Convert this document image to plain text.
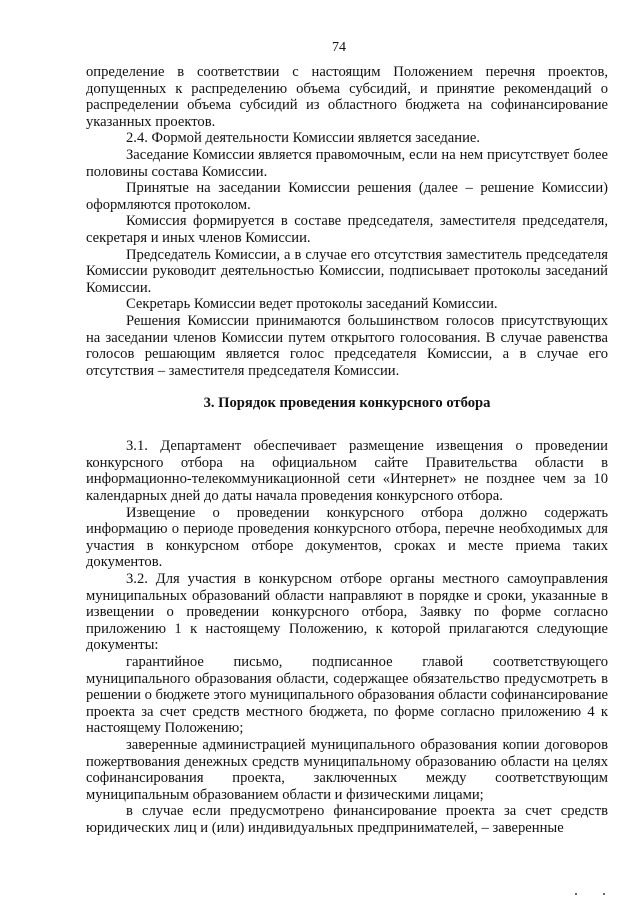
74

определение в соответствии с настоящим Положением перечня проектов, допущенных к распределению объема субсидий, и принятие рекомендаций о распределении объема субсидий из областного бюджета на софинансирование указанных проектов.

2.4. Формой деятельности Комиссии является заседание.

Заседание Комиссии является правомочным, если на нем присутствует более половины состава Комиссии.

Принятые на заседании Комиссии решения (далее – решение Комиссии) оформляются протоколом.

Комиссия формируется в составе председателя, заместителя председателя, секретаря и иных членов Комиссии.

Председатель Комиссии, а в случае его отсутствия заместитель председателя Комиссии руководит деятельностью Комиссии, подписывает протоколы заседаний Комиссии.

Секретарь Комиссии ведет протоколы заседаний Комиссии.

Решения Комиссии принимаются большинством голосов присутствующих на заседании членов Комиссии путем открытого голосования. В случае равенства голосов решающим является голос председателя Комиссии, а в случае его отсутствия – заместителя председателя Комиссии.

3. Порядок проведения конкурсного отбора

3.1. Департамент обеспечивает размещение извещения о проведении конкурсного отбора на официальном сайте Правительства области в информационно-телекоммуникационной сети «Интернет» не позднее чем за 10 календарных дней до даты начала проведения конкурсного отбора.

Извещение о проведении конкурсного отбора должно содержать информацию о периоде проведения конкурсного отбора, перечне необходимых для участия в конкурсном отборе документов, сроках и месте приема таких документов.

3.2. Для участия в конкурсном отборе органы местного самоуправления муниципальных образований области направляют в порядке и сроки, указанные в извещении о проведении конкурсного отбора, Заявку по форме согласно приложению 1 к настоящему Положению, к которой прилагаются следующие документы:

гарантийное письмо, подписанное главой соответствующего муниципального образования области, содержащее обязательство предусмотреть в решении о бюджете этого муниципального образования области софинансирование проекта за счет средств местного бюджета, по форме согласно приложению 4 к настоящему Положению;

заверенные администрацией муниципального образования копии договоров пожертвования денежных средств муниципальному образованию области на целях софинансирования проекта, заключенных между соответствующим муниципальным образованием области и физическими лицами;

в случае если предусмотрено финансирование проекта за счет средств юридических лиц и (или) индивидуальных предпринимателей, – заверенные
